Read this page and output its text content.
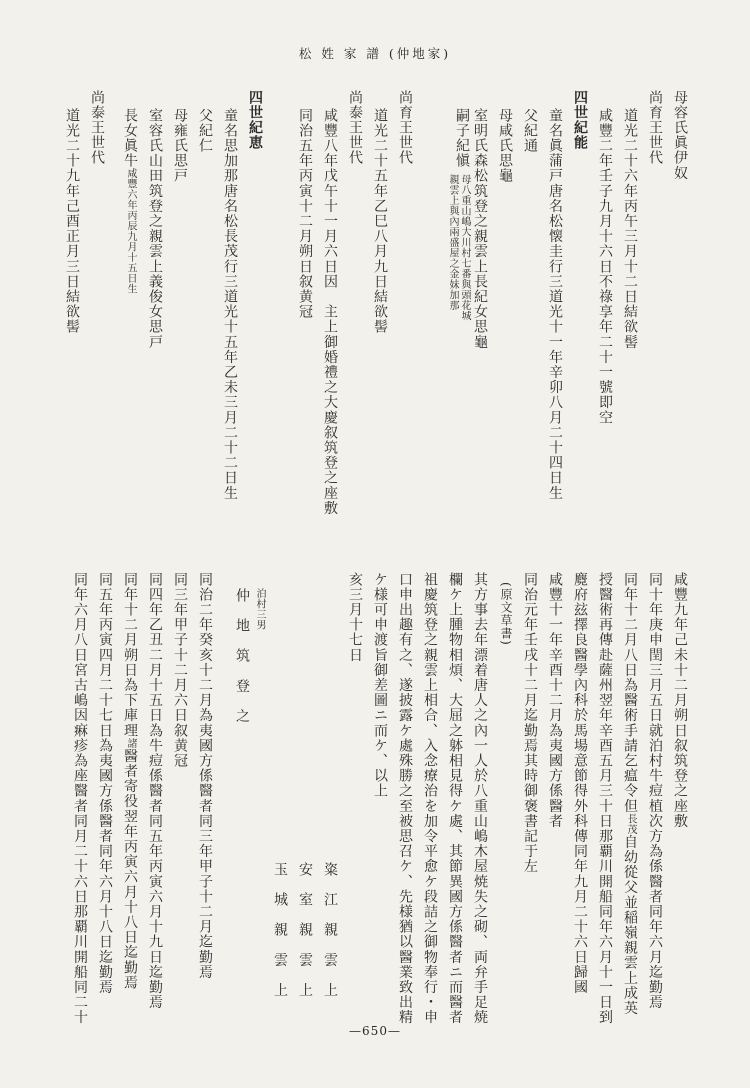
松 姓 家 譜 (仲地家)
母容氏眞伊奴
尚育王世代
道光二十六年丙午三月十二日結欲髻
咸豐二年壬子九月十六日不祿享年二十一號即空
四世紀能
童名眞蒲戸唐名松懐圭行三道光十一年辛卯八月二十四日生
父紀通
母咸氏思龜
室明氏森松筑登之親雲上長紀女思龜
嗣子紀愼
母八重山嶋大川村七番與頭花城
親雲上與內兩盛屋之金妹加那
尚育王世代
道光二十五年乙巳八月九日結欲髻
尚泰王世代
咸豐八年戊午十一月六日因　主上御婚禮之大慶叙筑登之座敷
同治五年丙寅十二月朔日叙黄冠
四世紀恵
童名思加那唐名松長茂行三道光十五年乙未三月二十二日生
父紀仁
母雍氏思戸
室容氏山田筑登之親雲上義俊女思戸
長女眞牛咸豐六年丙辰九月十五日生
尚泰王世代
道光二十九年己酉正月三日結欲髻
咸豐九年己未十二月朔日叙筑登之座敷
同十年庚申閏三月五日就泊村牛痘植次方為係醫者同年六月迄勤焉
同年十二月八日為醫術手請乞瘟令但長茂自幼從父並稲嶺親雲上成英
授醫術再傳赴薩州翌年辛酉五月三十日那覇川開船同年六月十一日到
麑府玆擇良醫學內科於馬場意節得外科傳同年九月二十六日歸國
咸豐十一年辛酉十二月為夷國方係醫者
同治元年壬戌十二月迄勤焉其時御褒書記于左
(原文草書)
其方事去年漂着唐人之內一人於八重山嶋木屋焼失之砌、両弁手足焼
欄ケ上腫物相煩、大屈之躰相見得ケ處、其節異國方係醫者ニ而醫者
祖慶筑登之親雲上相合、入念療治を加令平愈ケ段詰之御物奉行・申
口申出趣有之、遂披露ケ處殊勝之至被思召ケ、先様猶以醫業致出精
ケ様可申渡旨御差圖ニ而ケ、以上
亥三月十七日
粢　江　親　雲　上
安　室　親　雲　上
玉　城　親　雲　上
泊村三男
仲　地　筑　登　之
同治二年癸亥十二月為夷國方係醫者同三年甲子十二月迄勤焉
同三年甲子十二月六日叙黄冠
同四年乙丑二月十五日為牛痘係醫者同五年丙寅六月十九日迄勤焉
同年十二月朔日為下庫理諸醫者寄役翌年丙寅六月十八日迄勤焉
同五年丙寅四月二十七日為夷國方係醫者同年六月十八日迄勤焉
同年六月八日宮古嶋因痳疹為座醫者同月二十六日那覇川開船同二十
—650—
